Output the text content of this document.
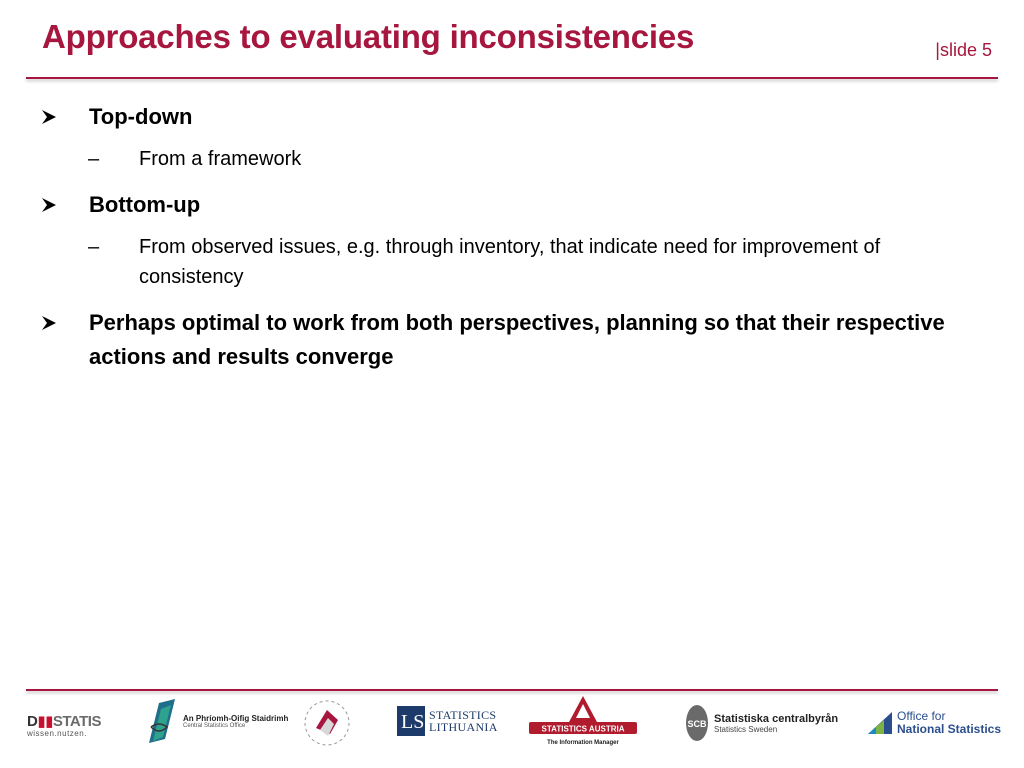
Approaches to evaluating inconsistencies	|slide 5
Top-down
– From a framework
Bottom-up
– From observed issues, e.g. through inventory, that indicate need for improvement of consistency
Perhaps optimal to work from both perspectives, planning so that their respective actions and results converge
D▮▮STATIS
wissen.nutzen.
An Phríomh-Oifig Staidrimh
Central Statistics Office	LS STATISTICS
LITHUANIA	STATISTICS AUSTRIA
The Information Manager
SCB Statistiska centralbyrån
Statistics Sweden
Office for
National Statistics
